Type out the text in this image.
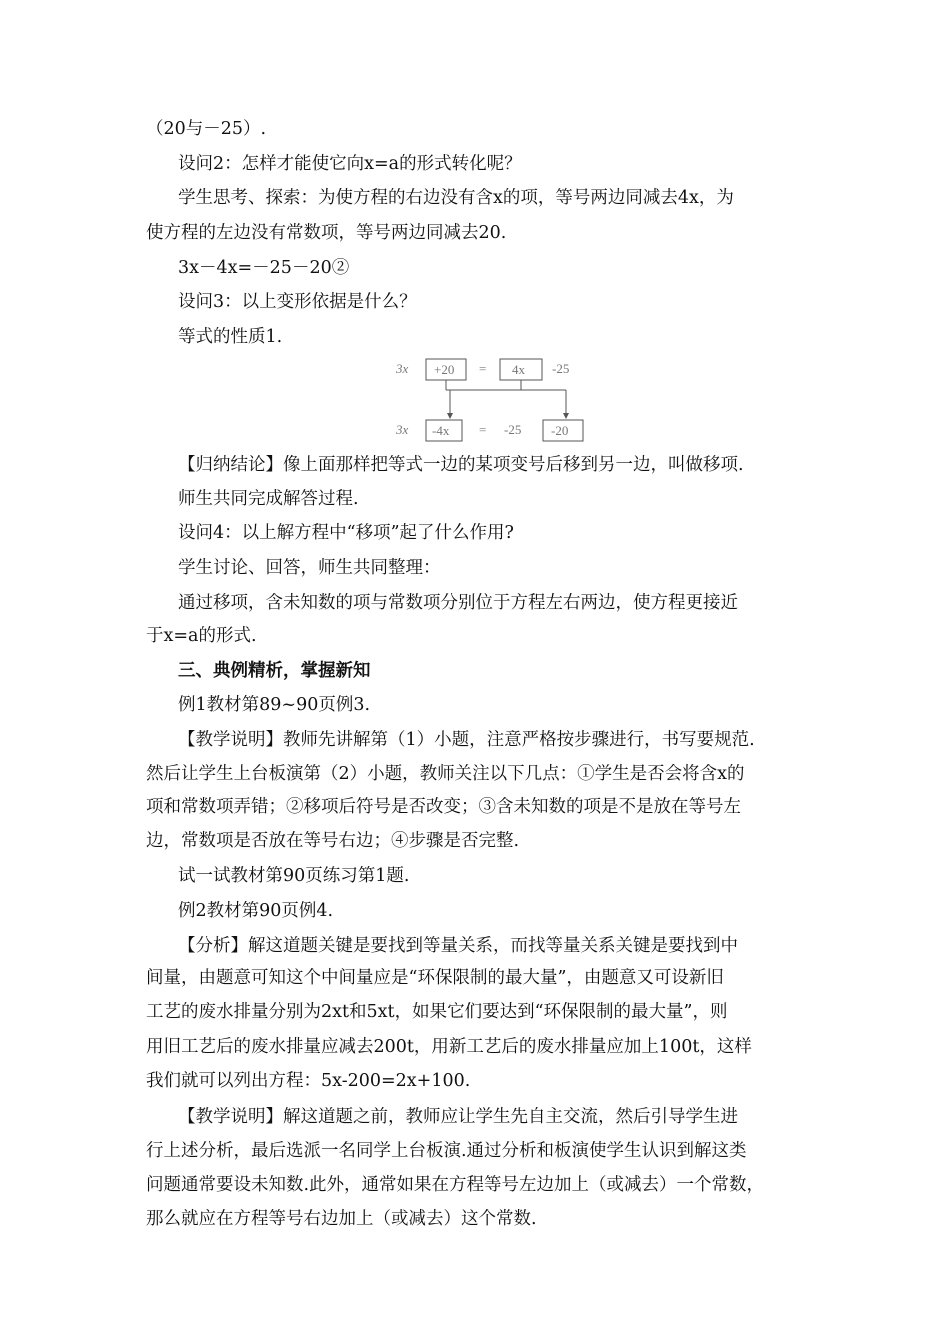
（20与－25）.
设问2：怎样才能使它向x=a的形式转化呢？
学生思考、探索：为使方程的右边没有含x的项，等号两边同减去4x，为
使方程的左边没有常数项，等号两边同减去20.
3x－4x=－25－20②
设问3：以上变形依据是什么？
等式的性质1.
3x +20 = 4x -25
3x -4x = -25 -20
【归纳结论】像上面那样把等式一边的某项变号后移到另一边，叫做移项.
师生共同完成解答过程.
设问4：以上解方程中“移项”起了什么作用?
学生讨论、回答，师生共同整理：
通过移项，含未知数的项与常数项分别位于方程左右两边，使方程更接近
于x=a的形式.
三、典例精析，掌握新知
例1教材第89~90页例3.
【教学说明】教师先讲解第（1）小题，注意严格按步骤进行，书写要规范.
然后让学生上台板演第（2）小题，教师关注以下几点：①学生是否会将含x的
项和常数项弄错；②移项后符号是否改变；③含未知数的项是不是放在等号左
边，常数项是否放在等号右边；④步骤是否完整.
试一试教材第90页练习第1题.
例2教材第90页例4.
【分析】解这道题关键是要找到等量关系，而找等量关系关键是要找到中
间量，由题意可知这个中间量应是“环保限制的最大量”，由题意又可设新旧
工艺的废水排量分别为2xt和5xt，如果它们要达到“环保限制的最大量”，则
用旧工艺后的废水排量应减去200t，用新工艺后的废水排量应加上100t，这样
我们就可以列出方程：5x-200=2x+100.
【教学说明】解这道题之前，教师应让学生先自主交流，然后引导学生进
行上述分析，最后选派一名同学上台板演.通过分析和板演使学生认识到解这类
问题通常要设未知数.此外，通常如果在方程等号左边加上（或减去）一个常数，
那么就应在方程等号右边加上（或减去）这个常数.
